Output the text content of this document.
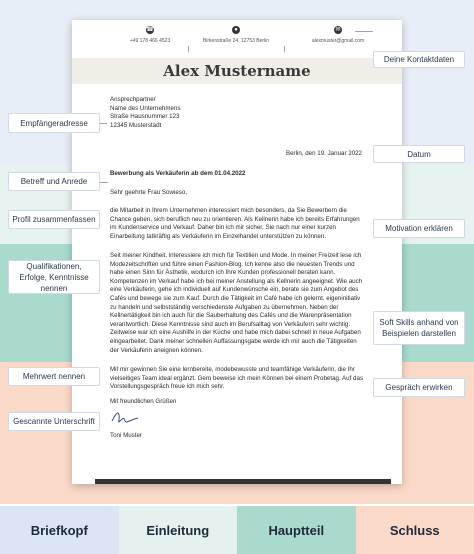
☎
+49 178 466 4523
●
Birkenstraße 24, 12753 Berlin
✉
alexmuster@gmail.com
Alex Mustername
Ansprechpartner
Name des Unternehmens
Straße Hausnummer 123
12345 Musterstadt
Berlin, den 19. Januar 2022
Bewerbung als Verkäuferin ab dem 01.04.2022
Sehr geehrte Frau Sowieso,
die Mitarbeit in Ihrem Unternehmen interessiert mich besonders, da Sie Bewerbern die Chance geben, sich beruflich neu zu orientieren. Als Kellnerin habe ich bereits Erfahrungen im Kundenservice und Verkauf. Daher bin ich mir sicher, Sie nach nur einer kurzen Einarbeitung tatkräftig als Verkäuferin im Einzelhandel unterstützen zu können.
Seit meiner Kindheit, interessiere ich mich für Textilien und Mode. In meiner Freizeit lese ich Modezeitschriften und führe einen Fashion-Blog. Ich kenne also die neuesten Trends und habe einen Sinn für Ästhetik, wodurch ich Ihre Kunden professionell beraten kann. Kompetenzen im Verkauf habe ich bei meiner Anstellung als Kellnerin angeeignet. Wie auch eine Verkäuferin, gehe ich individuell auf Kundenwünsche ein, berate sie zum Angebot des Cafés und bewege sie zum Kauf. Durch die Tätigkeit im Café habe ich gelernt, eigeninitiativ zu handeln und selbstständig verschiedenste Aufgaben zu übernehmen. Neben der Kellnertätigkeit bin ich auch für die Sauberhaltung des Cafés und die Warenpräsentation verantwortlich. Diese Kenntnisse sind auch im Berufsalltag von Verkäufern sehr wichtig. Zeitweise war ich eine Aushilfe in der Küche und habe mich dabei schnell in neue Aufgaben eingearbeitet. Dank meiner schnellen Auffassungsgabe werde ich mir auch die Tätigkeiten der Verkäuferin aneignen können.
Mit mir gewinnen Sie eine lernbereite, modebewusste und teamfähige Verkäuferin, die Ihr vielseitiges Team ideal ergänzt. Gern beweise ich mein Können bei einem Probetag. Auf das Vorstellungsgespräch freue ich mich sehr.
Mit freundlichen Grüßen
Toni Muster
Deine Kontaktdaten
Empfängeradresse
Datum
Betreff und Anrede
Profil zusammenfassen
Motivation erklären
Qualifikationen, Erfolge, Kenntnisse nennen
Soft Skills anhand von Beispielen darstellen
Mehrwert nennen
Gespräch erwirken
Gescannte Unterschrift
Briefkopf	Einleitung	Hauptteil	Schluss
